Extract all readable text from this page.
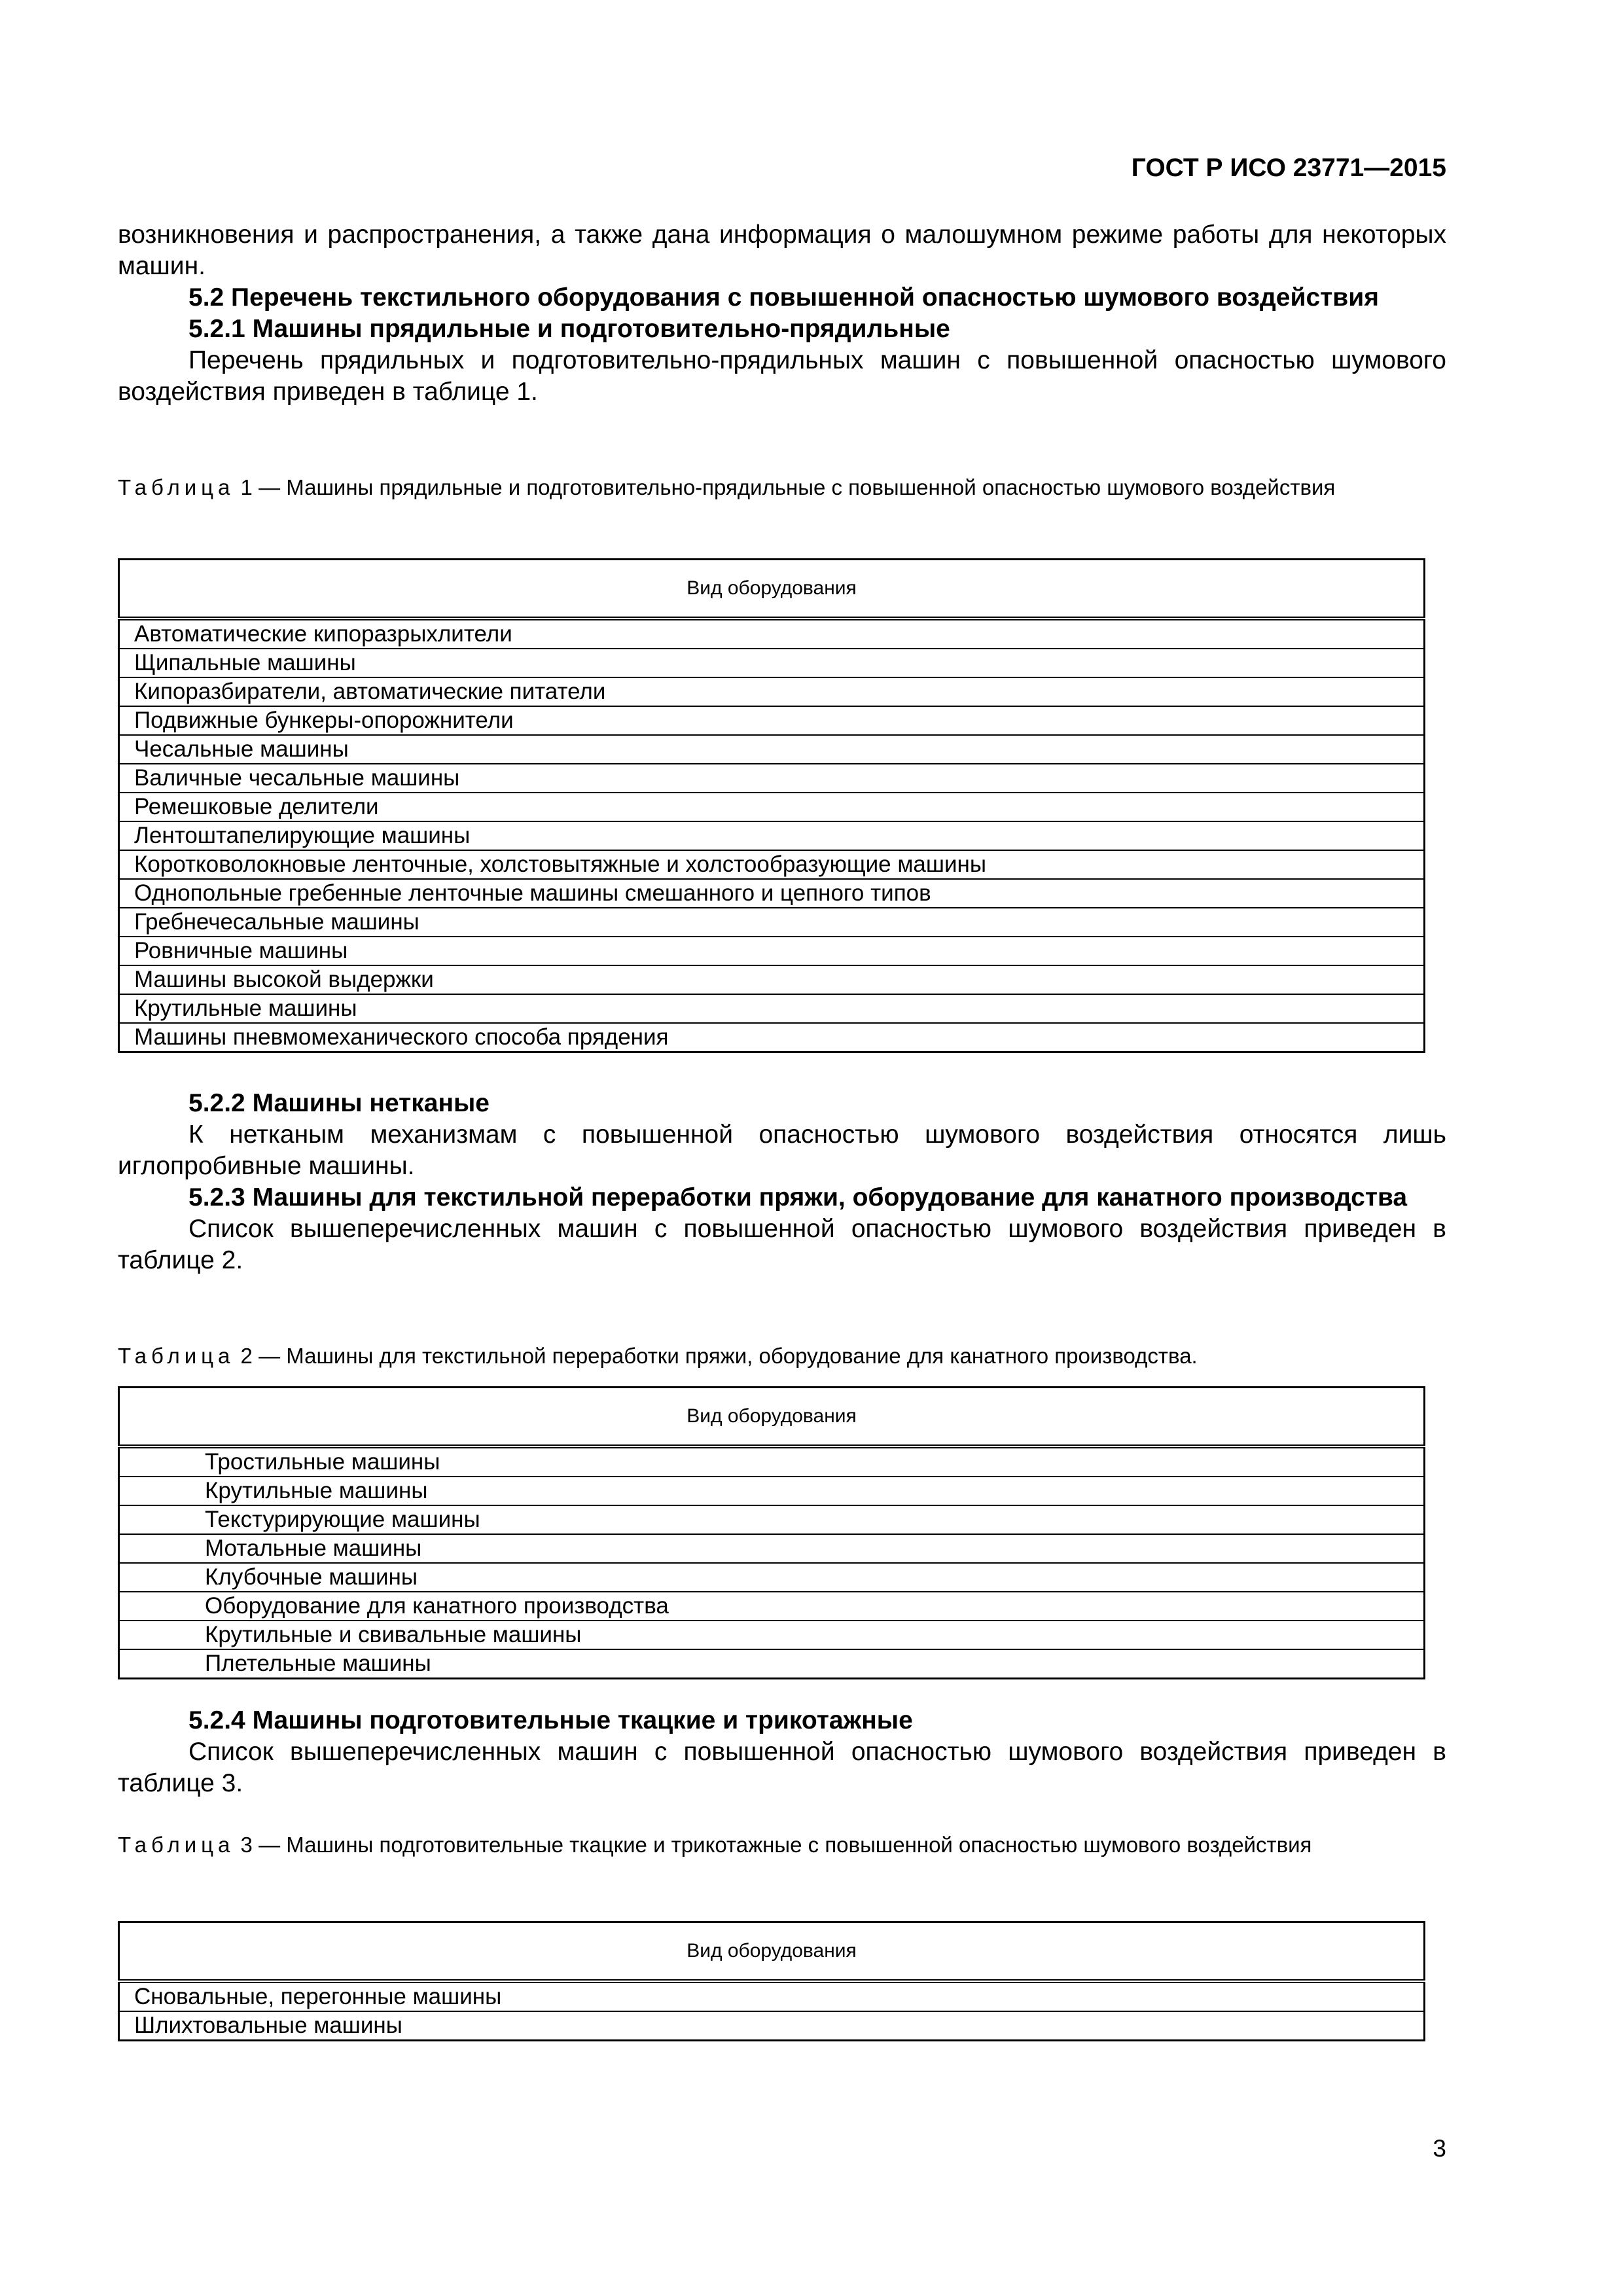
ГОСТ Р ИСО 23771—2015

возникновения и распространения, а также дана информация о малошумном режиме работы для некоторых машин.

5.2 Перечень текстильного оборудования с повышенной опасностью шумового воздействия

5.2.1 Машины прядильные и подготовительно-прядильные

Перечень прядильных и подготовительно-прядильных машин с повышенной опасностью шумового воздействия приведен в таблице 1.

Таблица 1 — Машины прядильные и подготовительно-прядильные с повышенной опасностью шумового воздействия
Вид оборудования
Автоматические кипоразрыхлители
Щипальные машины
Кипоразбиратели, автоматические питатели
Подвижные бункеры-опорожнители
Чесальные машины
Валичные чесальные машины
Ремешковые делители
Лентоштапелирующие машины
Коротковолокновые ленточные, холстовытяжные и холстообразующие машины
Однопольные гребенные ленточные машины смешанного и цепного типов
Гребнечесальные машины
Ровничные машины
Машины высокой выдержки
Крутильные машины
Машины пневмомеханического способа прядения

5.2.2 Машины нетканые

К нетканым механизмам с повышенной опасностью шумового воздействия относятся лишь иглопробивные машины.

5.2.3 Машины для текстильной переработки пряжи, оборудование для канатного производства

Список вышеперечисленных машин с повышенной опасностью шумового воздействия приведен в таблице 2.

Таблица 2 — Машины для текстильной переработки пряжи, оборудование для канатного производства.
Вид оборудования
Тростильные машины
Крутильные машины
Текстурирующие машины
Мотальные машины
Клубочные машины
Оборудование для канатного производства
Крутильные и свивальные машины
Плетельные машины

5.2.4 Машины подготовительные ткацкие и трикотажные

Список вышеперечисленных машин с повышенной опасностью шумового воздействия приведен в таблице 3.

Таблица 3 — Машины подготовительные ткацкие и трикотажные с повышенной опасностью шумового воздействия
Вид оборудования
Сновальные, перегонные машины
Шлихтовальные машины
3
